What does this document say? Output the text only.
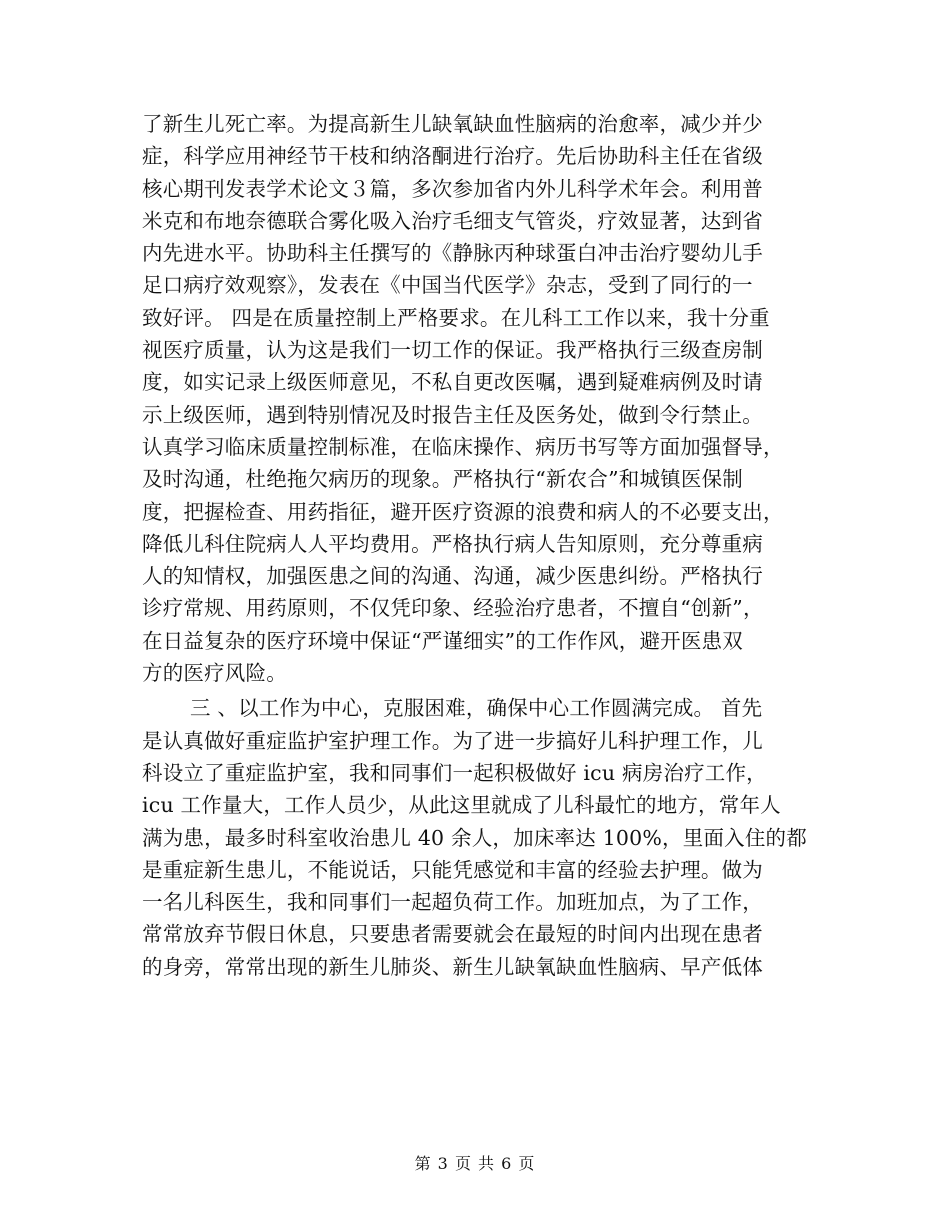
了新生儿死亡率。为提高新生儿缺氧缺血性脑病的治愈率，减少并少
症，科学应用神经节干枝和纳洛酮进行治疗。先后协助科主任在省级
核心期刊发表学术论文３篇，多次参加省内外儿科学术年会。利用普
米克和布地奈德联合雾化吸入治疗毛细支气管炎，疗效显著，达到省
内先进水平。协助科主任撰写的《静脉丙种球蛋白冲击治疗婴幼儿手
足口病疗效观察》，发表在《中国当代医学》杂志，受到了同行的一
致好评。 四是在质量控制上严格要求。在儿科工工作以来，我十分重
视医疗质量，认为这是我们一切工作的保证。我严格执行三级查房制
度，如实记录上级医师意见，不私自更改医嘱，遇到疑难病例及时请
示上级医师，遇到特别情况及时报告主任及医务处，做到令行禁止。
认真学习临床质量控制标准，在临床操作、病历书写等方面加强督导，
及时沟通，杜绝拖欠病历的现象。严格执行“新农合”和城镇医保制
度，把握检查、用药指征，避开医疗资源的浪费和病人的不必要支出，
降低儿科住院病人人平均费用。严格执行病人告知原则，充分尊重病
人的知情权，加强医患之间的沟通、沟通，减少医患纠纷。严格执行
诊疗常规、用药原则，不仅凭印象、经验治疗患者，不擅自“创新”，
在日益复杂的医疗环境中保证“严谨细实”的工作作风，避开医患双
方的医疗风险。
三 、以工作为中心，克服困难，确保中心工作圆满完成。 首先
是认真做好重症监护室护理工作。为了进一步搞好儿科护理工作，儿
科设立了重症监护室，我和同事们一起积极做好 icu 病房治疗工作，
icu 工作量大，工作人员少，从此这里就成了儿科最忙的地方，常年人
满为患，最多时科室收治患儿 40 余人，加床率达 100%，里面入住的都
是重症新生患儿，不能说话，只能凭感觉和丰富的经验去护理。做为
一名儿科医生，我和同事们一起超负荷工作。加班加点，为了工作，
常常放弃节假日休息，只要患者需要就会在最短的时间内出现在患者
的身旁，常常出现的新生儿肺炎、新生儿缺氧缺血性脑病、早产低体
第 3 页 共 6 页
